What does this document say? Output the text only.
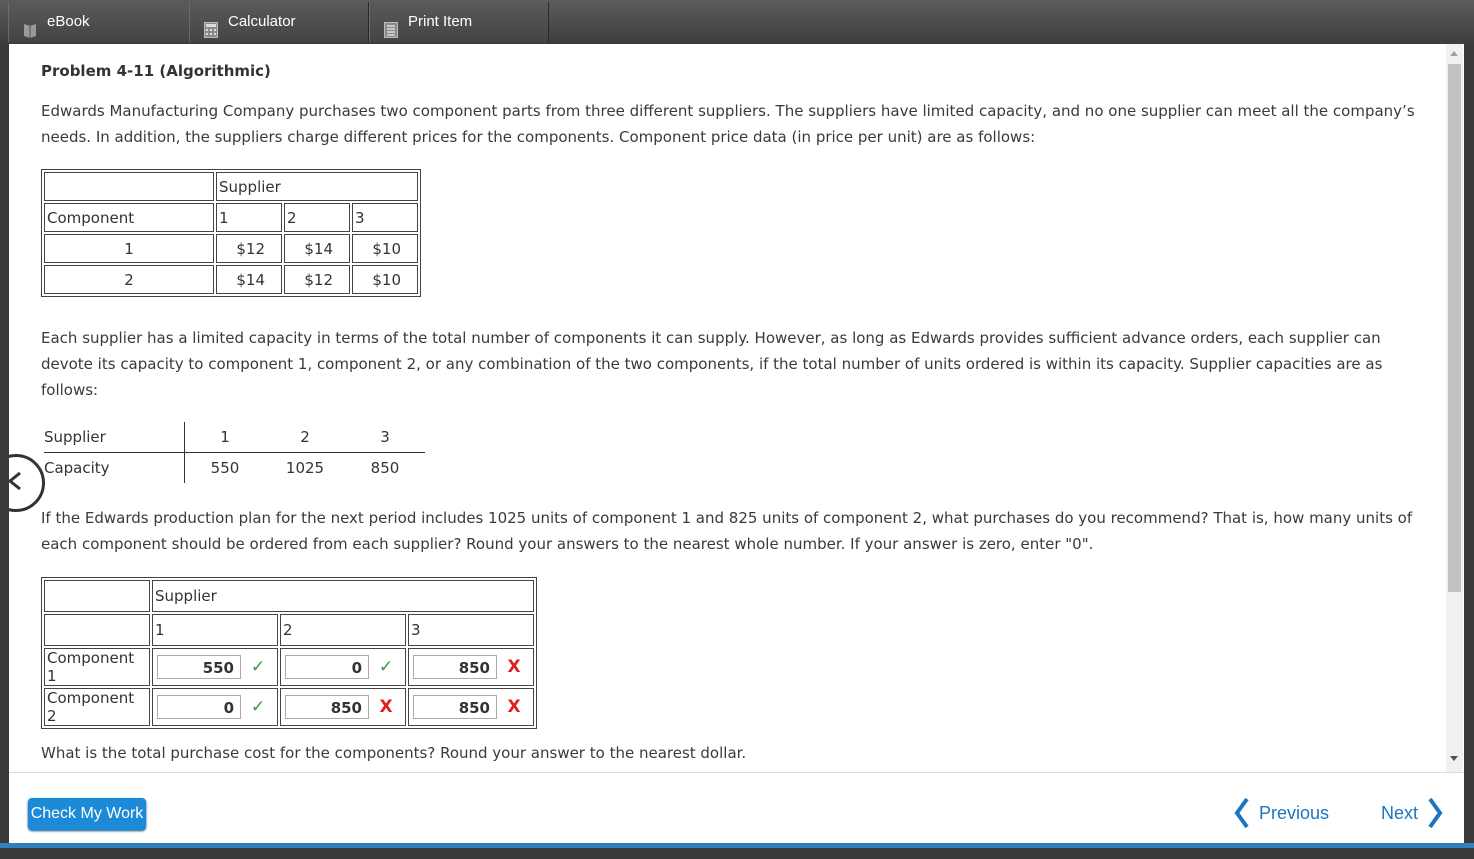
eBook	Calculator	Print Item
Problem 4-11 (Algorithmic)
Edwards Manufacturing Company purchases two component parts from three different suppliers. The suppliers have limited capacity, and no one supplier can meet all the company’s needs. In addition, the suppliers charge different prices for the components. Component price data (in price per unit) are as follows:
	Supplier		
Component	1	2	3
1	$12	$14	$10
2	$14	$12	$10
Each supplier has a limited capacity in terms of the total number of components it can supply. However, as long as Edwards provides sufficient advance orders, each supplier can devote its capacity to component 1, component 2, or any combination of the two components, if the total number of units ordered is within its capacity. Supplier capacities are as follows:
Supplier	1	2	3
Capacity	550	1025	850
If the Edwards production plan for the next period includes 1025 units of component 1 and 825 units of component 2, what purchases do you recommend? That is, how many units of each component should be ordered from each supplier? Round your answers to the nearest whole number. If your answer is zero, enter "0".
	Supplier		
	1	2	3
Component 1	550 ✓	0 ✓	850 X
Component 2	0 ✓	850 X	850 X
What is the total purchase cost for the components? Round your answer to the nearest dollar.
Check My Work	Previous	Next
